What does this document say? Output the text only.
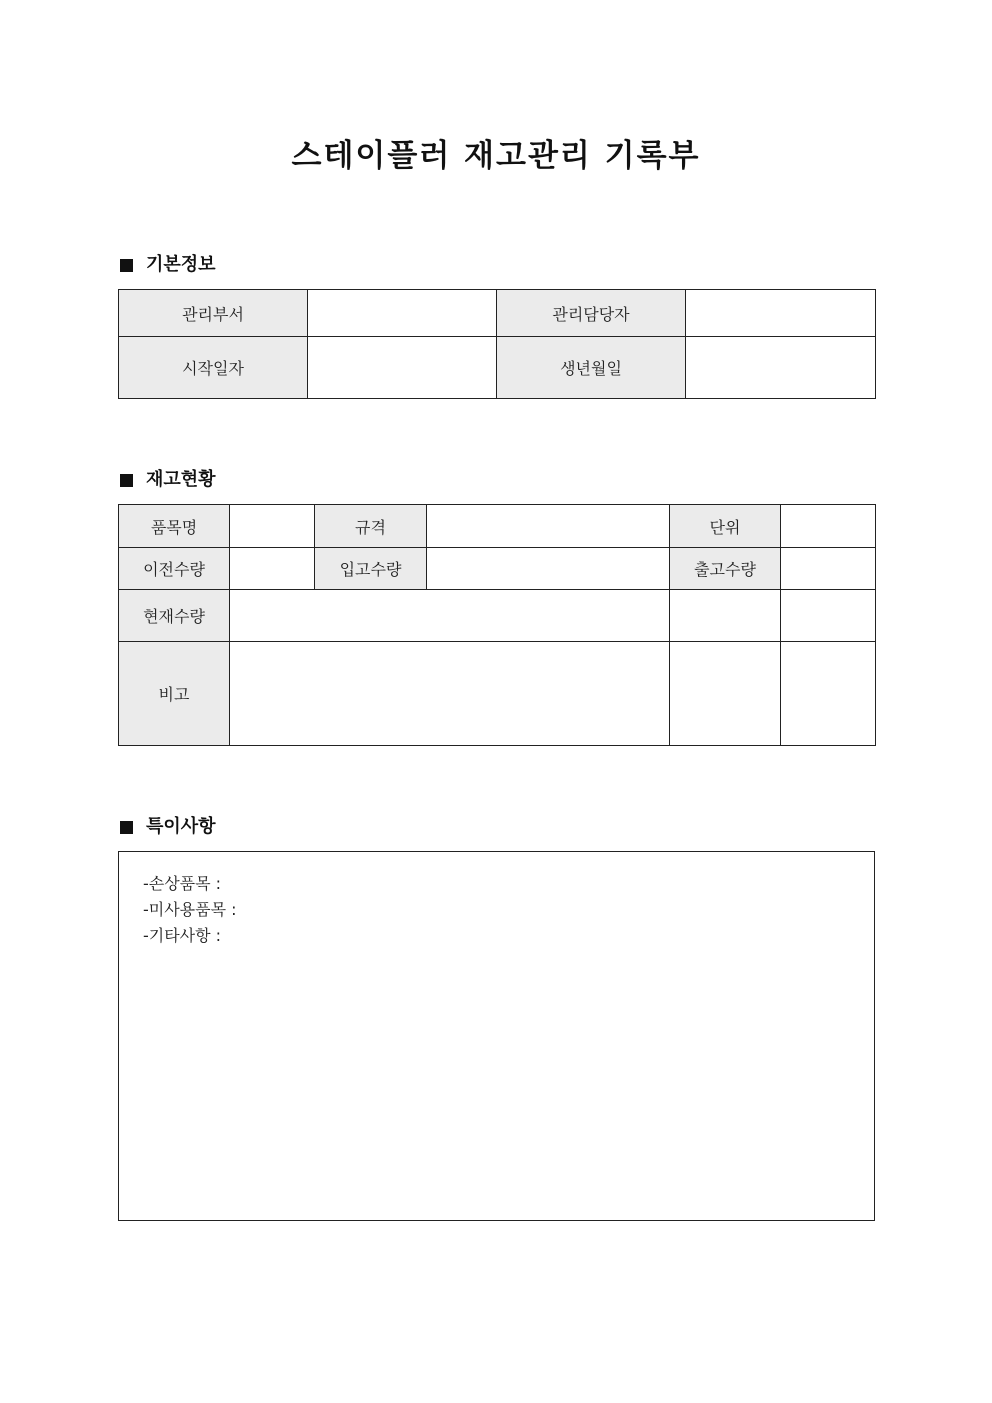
스테이플러 재고관리 기록부
기본정보
관리부서		관리담당자	
시작일자		생년월일	
재고현황
품목명		규격		단위	
이전수량		입고수량		출고수량	
현재수량					
비고					
특이사항
-손상품목 :
-미사용품목 :
-기타사항 :
